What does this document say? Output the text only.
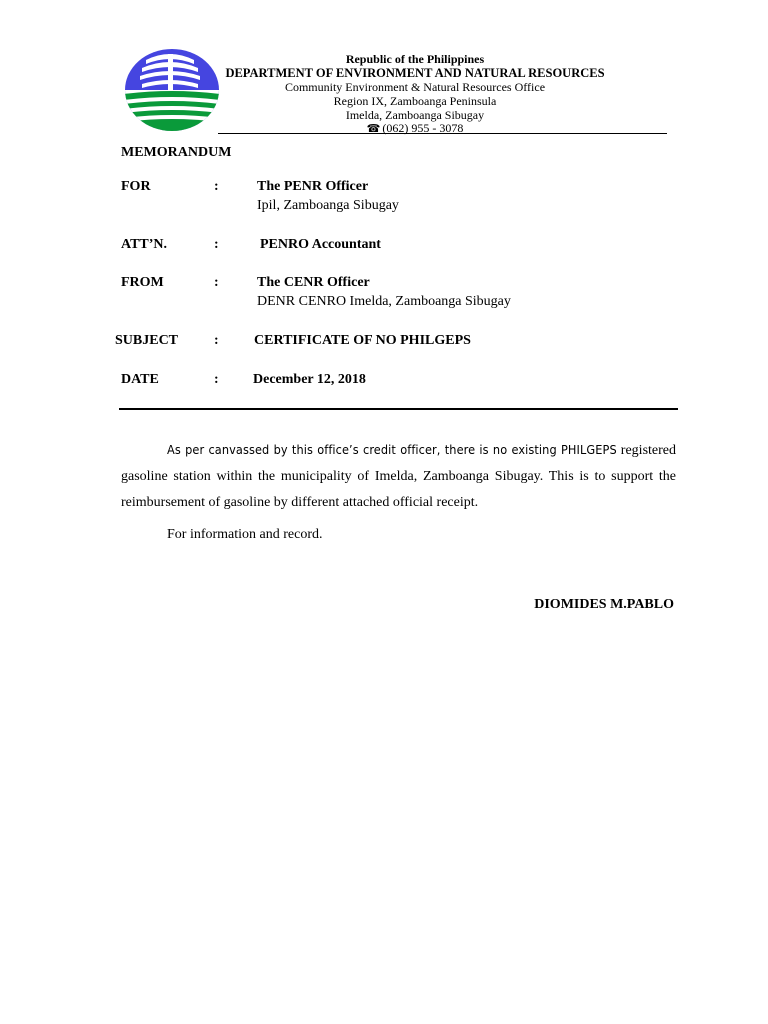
Republic of the Philippines
DEPARTMENT OF ENVIRONMENT AND NATURAL RESOURCES
Community Environment & Natural Resources Office
Region IX, Zamboanga Peninsula
Imelda, Zamboanga Sibugay
☎ (062) 955 - 3078
MEMORANDUM
FOR	:	The PENR Officer
Ipil, Zamboanga Sibugay
ATT’N.	:	PENRO Accountant
FROM	:	The CENR Officer
DENR CENRO Imelda, Zamboanga Sibugay
SUBJECT	:	CERTIFICATE OF NO PHILGEPS
DATE	: December 12, 2018
As per canvassed by this office’s credit officer, there is no existing PHILGEPS registered gasoline station within the municipality of Imelda, Zamboanga Sibugay. This is to support the reimbursement of gasoline by different attached official receipt.
For information and record.
DIOMIDES M.PABLO
